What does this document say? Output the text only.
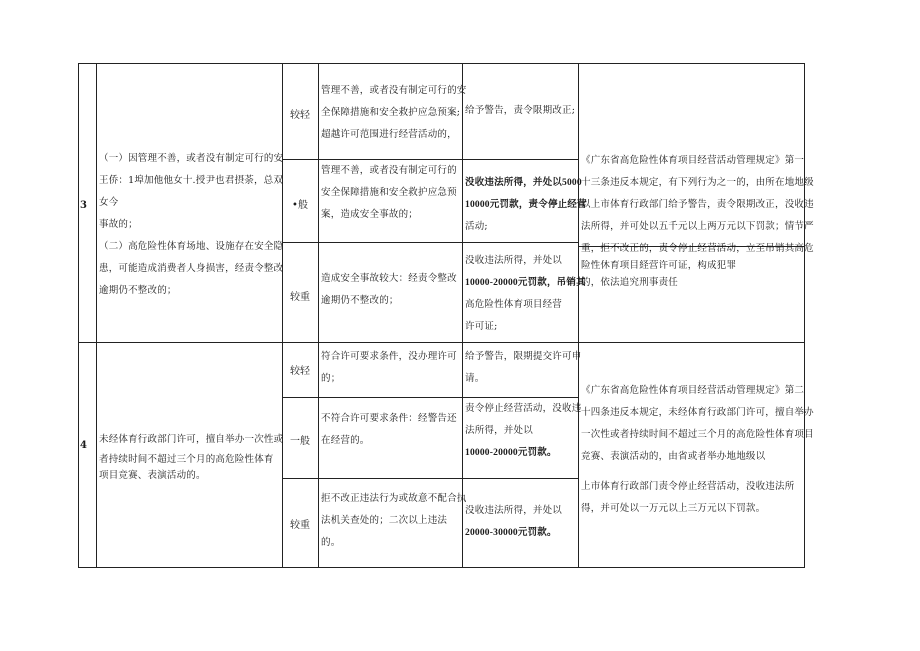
3
（一）因管理不善，或者没有制定可行的安
王侨：1埠加他他女十.授尹也君摂荼，总双
女今
事故的；
（二）高危险性体育场地、设施存在安全隐
患，可能造成消费者人身损害，经责令整改
逾期仍不整改的；
较轻
•般
较重
管理不善，或者没有制定可行的安
全保障措施和安全救护应急预案;
超越许可范围进行经营活动的，
管理不善，或者没有制定可行的
安全保障措施和安全救护应急预
案，造成安全事故的；
造成安全事故较大：经责令整改
逾期仍不整改的；
给予警告，责令限期改正;
没收违法所得，并处以5000
10000元罚款，责令停止经营
活动;
没收违法所得，并处以
10000-20000元罚款，吊销其
高危险性体育项目经营
许可证;
《广东省高危险性体育项目经营活动管理规定》第一
十三条违反本规定，有下列行为之一的，由所在地地级
以上市体育行政部门给予警告，责令限期改正，没收违
法所得，并可处以五千元以上两万元以下罚款；情节严
重，拒不改正的，责令停止经营活动，立至吊销其高危
险性休育项目経营许可证，构成犯罪
的，依法追究刑事责任
4
未经体育行政部门许可，擅自举办一次性或
者持续时间不超过三个月的高危险性体育
项目竞赛、表演活动的。
较轻
一般
较重
符合许可要求条件，没办理许可
的；
不符合许可要求条件：经警告还
在经营的。
拒不改正违法行为或故意不配合执
法机关查处的；二次以上违法
的。
给予警告，限期提交许可申
请。
责令停止经营活动，没收违
法所得，并处以
10000-20000元罚款。
没收违法所得，并处以
20000-30000元罚款。
《广东省高危险性体育项目经营活动管理规定》第二
十四条违反本规定，未经体育行政部门许可，擅自举办
一次性或者持续时间不超过三个月的高危险性体育项目
竞赛、表演活动的，由省或者举办地地级以
上市体育行政部门责令停止经营活动，没收违法所
得，并可处以一万元以上三万元以下罚款。
